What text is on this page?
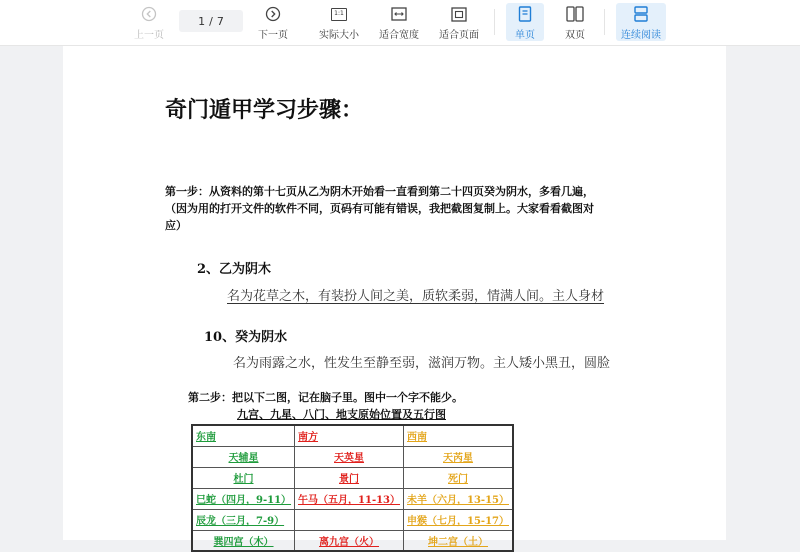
上一页
1 / 7
下一页
1:1
实际大小 适合宽度 适合页面	单页	双页	连续阅读
奇门遁甲学习步骤：
第一步：从资料的第十七页从乙为阴木开始看一直看到第二十四页癸为阴水，多看几遍，
（因为用的打开文件的软件不同，页码有可能有错误，我把截图复制上。大家看看截图对
应）
2、乙为阴木
名为花草之木，有装扮人间之美，质软柔弱，情满人间。主人身材
10、癸为阴水
名为雨露之水，性发生至静至弱，滋润万物。主人矮小黑丑，圆脸
第二步：把以下二图，记在脑子里。图中一个字不能少。
九宫、九星、八门、地支原始位置及五行图
东南	南方	西南
天辅星	天英星	天芮星
杜门	景门	死门
巳蛇（四月，9-11）	午马（五月，11-13）	未羊（六月，13-15）
辰龙（三月，7-9）		申猴（七月，15-17）
巽四宫（木）	离九宫（火）	坤二宫（土）
